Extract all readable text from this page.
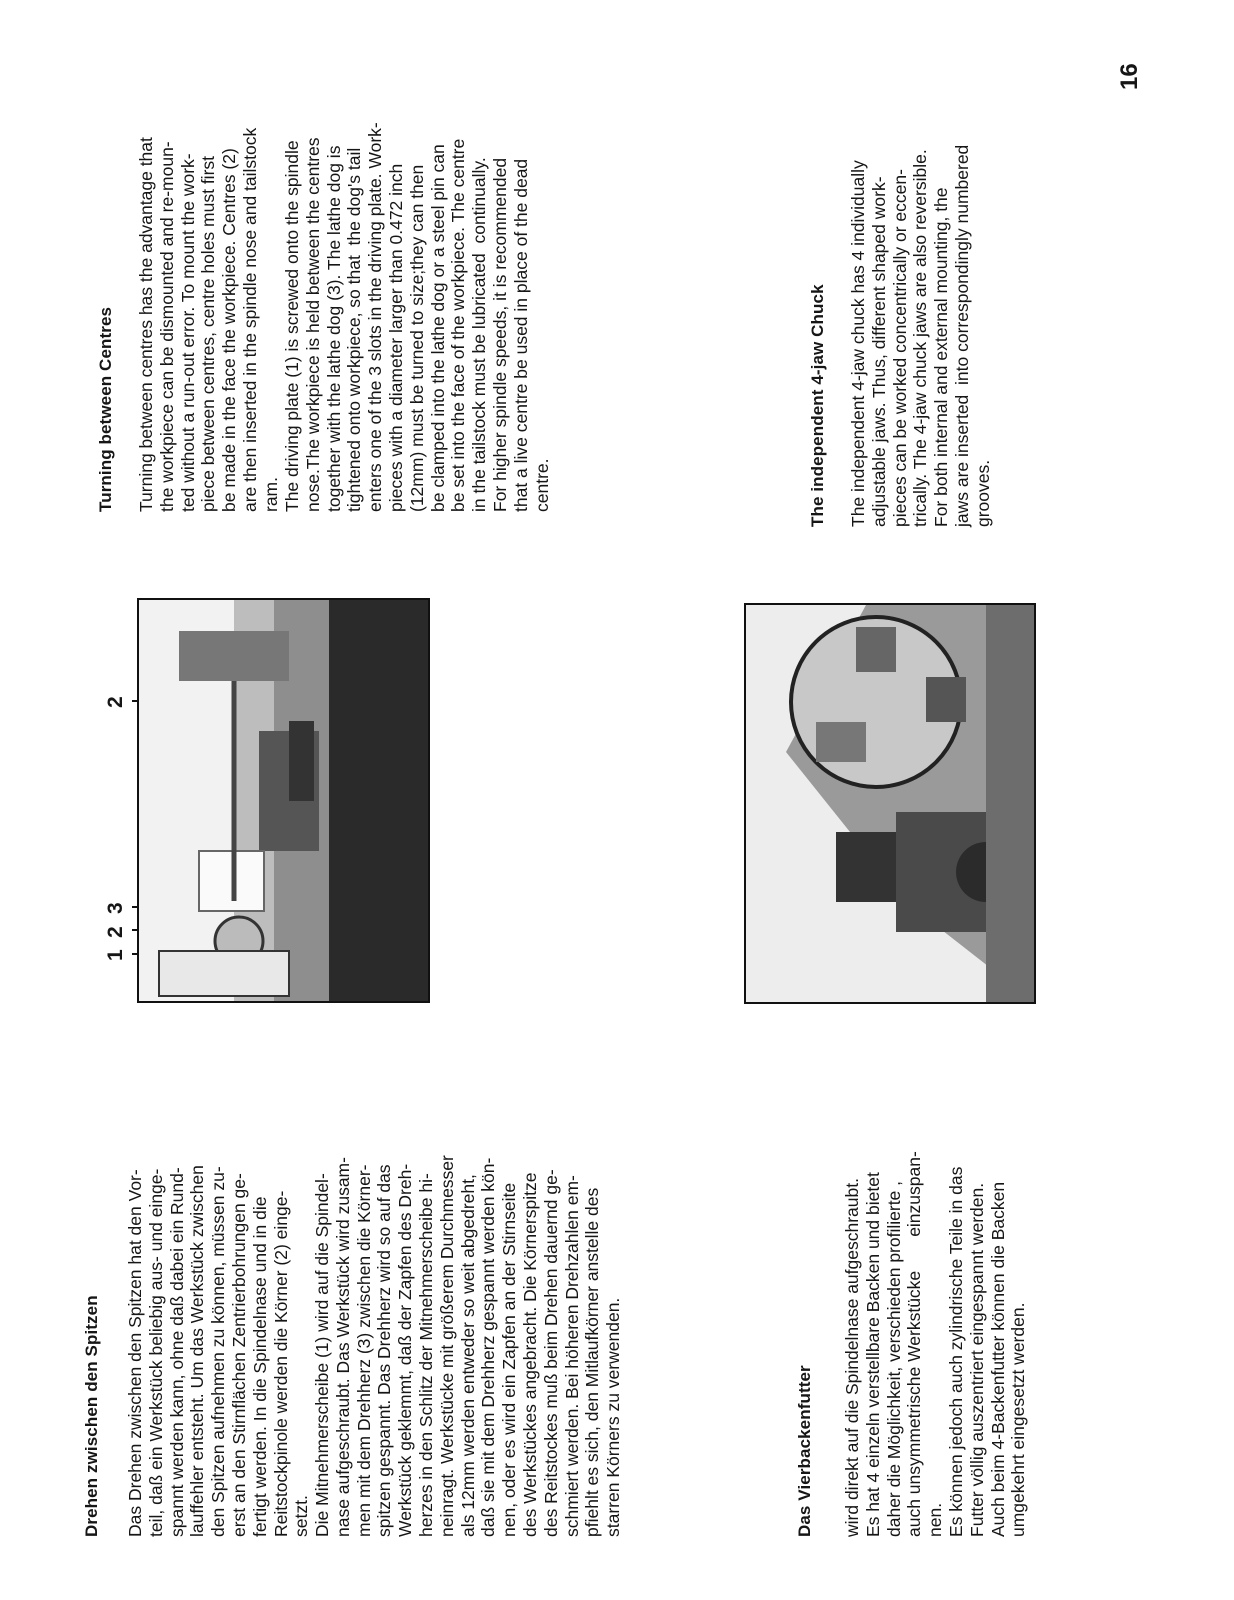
Drehen zwischen den Spitzen Das Drehen zwischen den Spitzen hat den Vor-
teil, daß ein Werkstück beliebig aus- und einge-
spannt werden kann, ohne daß dabei ein Rund-
lauffehler entsteht. Um das Werkstück zwischen
den Spitzen aufnehmen zu können, müssen zu-
erst an den Stirnflächen Zentrierbohrungen ge-
fertigt werden. In die Spindelnase und in die
Reitstockpinole werden die Körner (2) einge-
setzt. Die Mitnehmerscheibe (1) wird auf die Spindel-
nase aufgeschraubt. Das Werkstück wird zusam-
men mit dem Drehherz (3) zwischen die Körner-
spitzen gespannt. Das Drehherz wird so auf das
Werkstück geklemmt, daß der Zapfen des Dreh-
herzes in den Schlitz der Mitnehmerscheibe hi-
neinragt. Werkstücke mit größerem Durchmesser
als 12mm werden entweder so weit abgedreht,
daß sie mit dem Drehherz gespannt werden kön-
nen, oder es wird ein Zapfen an der Stirnseite
des Werkstückes angebracht. Die Körnerspitze
des Reitstockes muß beim Drehen dauernd ge-
schmiert werden. Bei höheren Drehzahlen em-
pfiehlt es sich, den Mitlaufkörner anstelle des
starren Körners zu verwenden.

Das Vierbackenfutter wird direkt auf die Spindelnase aufgeschraubt.
Es hat 4 einzeln verstellbare Backen und bietet
daher die Möglichkeit, verschieden profilierte ,
auch unsymmetrische Werkstücke       einzuspan-
nen. Es können jedoch auch zylindrische Teile in das
Futter völlig auszentriert eingespannt werden.
Auch beim 4-Backenfutter können die Backen
umgekehrt eingesetzt werden.

1
2
3
2
Turning between Centres Turning between centres has the advantage that
the workpiece can be dismounted and re-moun-
ted without a run-out error. To mount the work-
piece between centres, centre holes must first
be made in the face the workpiece. Centres (2)
are then inserted in the spindle nose and tailstock
ram. The driving plate (1) is screwed onto the spindle
nose.The workpiece is held between the centres
together with the lathe dog (3). The lathe dog is
tightened onto workpiece, so that  the dog's tail
enters one of the 3 slots in the driving plate. Work-
pieces with a diameter larger than 0.472 inch
(12mm) must be turned to size;they can then
be clamped into the lathe dog or a steel pin can
be set into the face of the workpiece. The centre
in the tailstock must be lubricated  continually.
For higher spindle speeds, it is recommended
that a live centre be used in place of the dead
centre.	The independent 4-jaw Chuck The independent 4-jaw chuck has 4 individually
adjustable jaws. Thus, different shaped work-
pieces can be worked concentrically or eccen-
trically. The 4-jaw chuck jaws are also reversible.
For both internal and external mounting, the
jaws are inserted  into correspondingly numbered
grooves.

16
